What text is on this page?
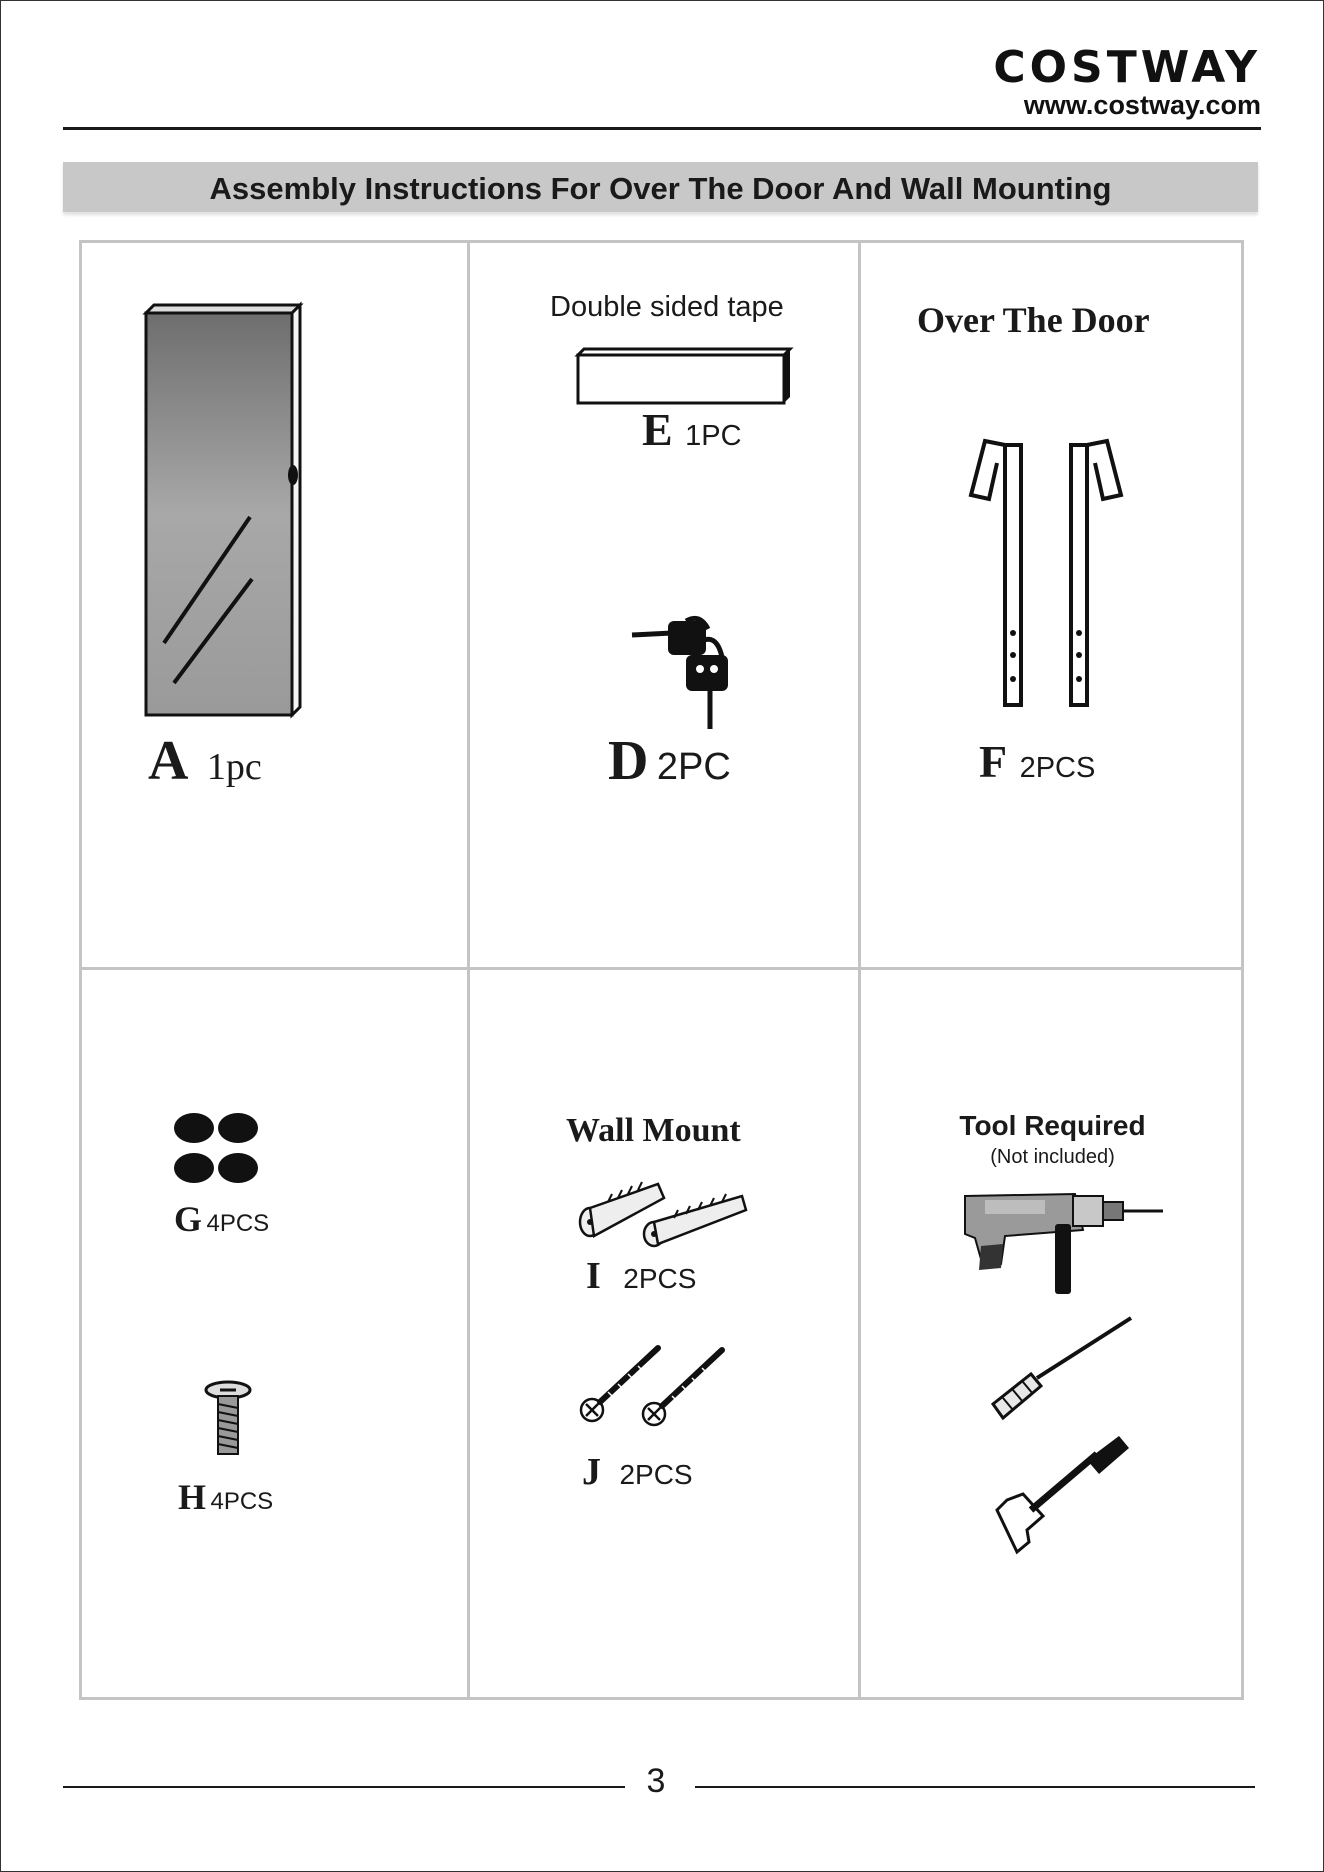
COSTWAY
www.costway.com
Assembly Instructions For Over The Door And Wall Mounting
A 1pc
Double sided tape
E 1PC
D 2PC
Over The Door
F 2PCS
G 4PCS
H 4PCS
Wall Mount
I 2PCS
J 2PCS
Tool Required
(Not included)
3
